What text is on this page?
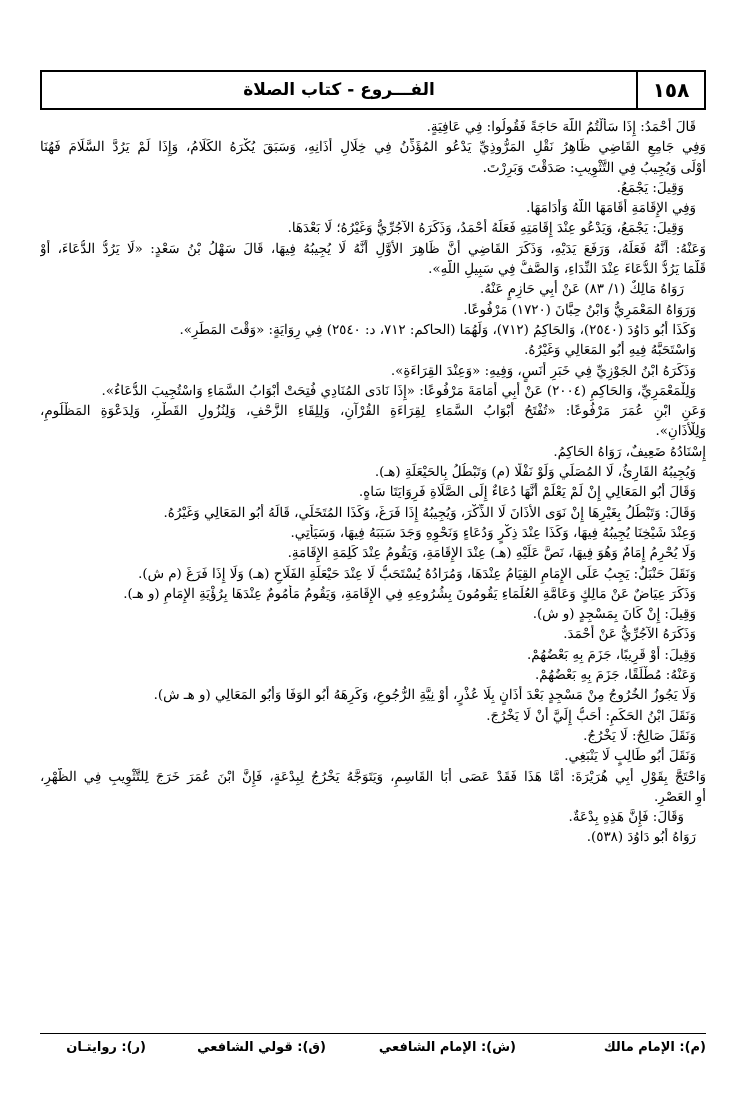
١٥٨
الفـــروع - كتاب الصلاة
قَالَ أَحْمَدُ: إِذَا سَأَلْتُمُ اللَّهَ حَاجَةً فَقُولُوا: فِي عَافِيَةٍ.
وَفِي جَامِعِ القَاضِي ظَاهِرُ نَقْلِ المَرُّوذِيِّ يَدْعُو المُؤَذِّنُ فِي خِلَالِ أَذَانِهِ، وَسَبَقَ يُكْرَهُ الكَلَامُ، وَإِذَا لَمْ يَرُدَّ السَّلَامَ فَهُنَا
أَوْلَى وَيُجِيبُ فِي التَّثْوِيبِ: صَدَقْتَ وَبَرِرْتَ.
وَقِيلَ: يَجْمَعُ.
وَفِي الإِقَامَةِ أَقَامَهَا اللَّهُ وَأَدَامَهَا.
وَقِيلَ: يَجْمَعُ، وَيَدْعُو عِنْدَ إِقَامَتِهِ فَعَلَهُ أَحْمَدُ، وَذَكَرَهُ الآجُرِّيُّ وَغَيْرُهُ؛ لَا بَعْدَهَا.
وَعَنْهُ: أَنَّهُ فَعَلَهُ، وَرَفَعَ يَدَيْهِ، وَذَكَرَ القَاضِي أَنَّ ظَاهِرَ الأَوَّلِ أَنَّهُ لَا يُجِيبُهُ فِيهَا، قَالَ سَهْلُ بْنُ سَعْدٍ: «لَا يَرُدُّ الدُّعَاءَ، أَوْ
قَلَّمَا يَرُدُّ الدُّعَاءَ عِنْدَ النِّدَاءِ، وَالصَّفُّ فِي سَبِيلِ اللَّهِ».
رَوَاهُ مَالِكٌ (١/ ٨٣) عَنْ أَبِي حَازِمٍ عَنْهُ.
وَرَوَاهُ المَعْمَرِيُّ وَابْنُ حِبَّانَ (١٧٢٠) مَرْفُوعًا.
وَكَذَا أَبُو دَاوُدَ (٢٥٤٠)، وَالحَاكِمُ (٧١٢)، وَلَهُمَا (الحاكم: ٧١٢، د: ٢٥٤٠) فِي رِوَايَةٍ: «وَقْتَ المَطَرِ».
وَاسْتَحَبَّهُ فِيهِ أَبُو المَعَالِي وَغَيْرُهُ.
وَذَكَرَهُ ابْنُ الجَوْزِيِّ فِي خَبَرِ أَنَسٍ، وَفِيهِ: «وَعِنْدَ القِرَاءَةِ».
وَلِلْمَعْمَرِيِّ، وَالحَاكِمِ (٢٠٠٤) عَنْ أَبِي أُمَامَةَ مَرْفُوعًا: «إِذَا نَادَى المُنَادِي فُتِحَتْ أَبْوَابُ السَّمَاءِ وَاسْتُجِيبَ الدُّعَاءُ».
وَعَنِ ابْنِ عُمَرَ مَرْفُوعًا: «تُفْتَحُ أَبْوَابُ السَّمَاءِ لِقِرَاءَةِ القُرْآنِ، وَلِلِقَاءِ الزَّحْفِ، وَلِنُزُولِ القَطْرِ، وَلِدَعْوَةِ المَظْلُومِ،
وَلِلْأَذَانِ».
إِسْنَادُهُ ضَعِيفٌ، رَوَاهُ الحَاكِمُ.
وَيُجِيبُهُ القَارِئُ، لَا المُصَلِّي وَلَوْ نَفْلًا (م) وَتَبْطُلُ بِالحَيْعَلَةِ (هـ).
وَقَالَ أَبُو المَعَالِي إِنْ لَمْ يَعْلَمْ أَنَّهَا دُعَاءٌ إِلَى الصَّلَاةِ فَرِوَايَتَا سَاهٍ.
وَقَالَ: وَتَبْطُلُ بِغَيْرِهَا إِنْ نَوَى الأَذَانَ لَا الذِّكْرَ، وَيُجِيبُهُ إِذَا فَرَغَ، وَكَذَا المُتَخَلِّي، قَالَهُ أَبُو المَعَالِي وَغَيْرُهُ.
وَعِنْدَ شَيْخِنَا يُجِيبُهُ فِيهَا، وَكَذَا عِنْدَ ذِكْرٍ وَدُعَاءٍ وَنَحْوِهِ وَجَدَ سَبَبَهُ فِيهَا، وَسَيَأْتِي.
وَلَا يُحْرِمُ إِمَامٌ وَهُوَ فِيهَا، نَصَّ عَلَيْهِ (هـ) عِنْدَ الإِقَامَةِ، وَيَقُومُ عِنْدَ كَلِمَةِ الإِقَامَةِ.
وَنَقَلَ حَنْبَلٌ: يَجِبُ عَلَى الإِمَامِ القِيَامُ عِنْدَهَا، وَمُرَادُهُ يُسْتَحَبُّ لَا عِنْدَ حَيْعَلَةِ الفَلَاحِ (هـ) وَلَا إِذَا فَرَغَ (م ش).
وَذَكَرَ عِيَاضٌ عَنْ مَالِكٍ وَعَامَّةِ العُلَمَاءِ يَقُومُونَ بِشُرُوعِهِ فِي الإِقَامَةِ، وَيَقُومُ مَأْمُومٌ عِنْدَهَا بِرُؤْيَةِ الإِمَامِ (و هـ).
وَقِيلَ: إِنْ كَانَ بِمَسْجِدٍ (و ش).
وَذَكَرَهُ الآجُرِّيُّ عَنْ أَحْمَدَ.
وَقِيلَ: أَوْ قَرِيبًا، جَزَمَ بِهِ بَعْضُهُمْ.
وَعَنْهُ: مُطْلَقًا، جَزَمَ بِهِ بَعْضُهُمْ.
وَلَا يَجُوزُ الخُرُوجُ مِنْ مَسْجِدٍ بَعْدَ أَذَانٍ بِلَا عُذْرٍ، أَوْ نِيَّةِ الرُّجُوعِ، وَكَرِهَهُ أَبُو الوَفَا وَأَبُو المَعَالِي (و هـ ش).
وَنَقَلَ ابْنُ الحَكَمِ: أَحَبُّ إِلَيَّ أَنْ لَا يَخْرُجَ.
وَنَقَلَ صَالِحٌ: لَا يَخْرُجُ.
وَنَقَلَ أَبُو طَالِبٍ لَا يَنْبَغِي.
وَاحْتَجَّ بِقَوْلِ أَبِي هُرَيْرَةَ: أَمَّا هَذَا فَقَدْ عَصَى أَبَا القَاسِمِ، وَيَتَوَجَّهُ يَخْرُجُ لِبِدْعَةٍ، فَإِنَّ ابْنَ عُمَرَ خَرَجَ لِلتَّثْوِيبِ فِي الظُّهْرِ،
أَوِ العَصْرِ.
وَقَالَ: فَإِنَّ هَذِهِ بِدْعَةٌ.
رَوَاهُ أَبُو دَاوُدَ (٥٣٨).
(م): الإمام مالك
(ش): الإمام الشافعي
(ق): قولي الشافعي
(ر): روايتـان
